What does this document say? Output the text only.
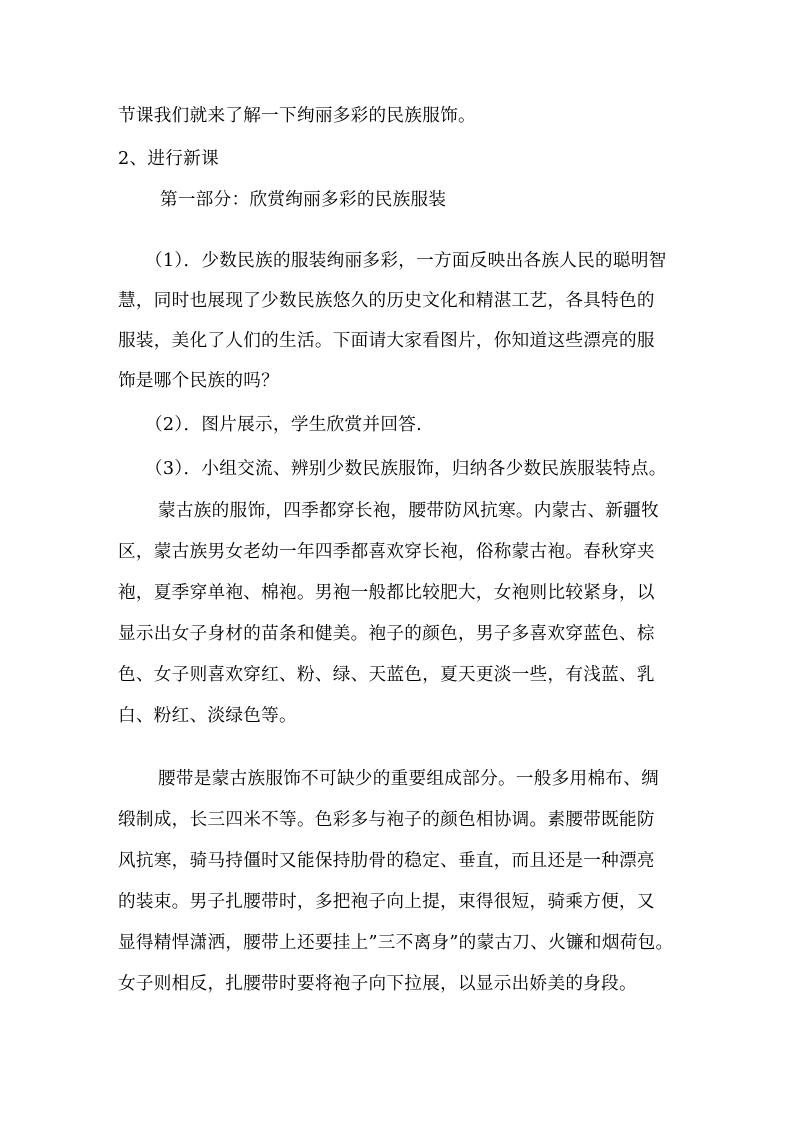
节课我们就来了解一下绚丽多彩的民族服饰。
2、进行新课
第一部分：欣赏绚丽多彩的民族服装
（1）．少数民族的服装绚丽多彩，一方面反映出各族人民的聪明智
慧，同时也展现了少数民族悠久的历史文化和精湛工艺，各具特色的
服装，美化了人们的生活。下面请大家看图片，你知道这些漂亮的服
饰是哪个民族的吗？
（2）．图片展示，学生欣赏并回答.
（3）．小组交流、辨别少数民族服饰，归纳各少数民族服装特点。
蒙古族的服饰，四季都穿长袍，腰带防风抗寒。内蒙古、新疆牧
区，蒙古族男女老幼一年四季都喜欢穿长袍，俗称蒙古袍。春秋穿夹
袍，夏季穿单袍、棉袍。男袍一般都比较肥大，女袍则比较紧身，以
显示出女子身材的苗条和健美。袍子的颜色，男子多喜欢穿蓝色、棕
色、女子则喜欢穿红、粉、绿、天蓝色，夏天更淡一些，有浅蓝、乳
白、粉红、淡绿色等。
腰带是蒙古族服饰不可缺少的重要组成部分。一般多用棉布、绸
缎制成，长三四米不等。色彩多与袍子的颜色相协调。素腰带既能防
风抗寒，骑马持僵时又能保持肋骨的稳定、垂直，而且还是一种漂亮
的装束。男子扎腰带时，多把袍子向上提，束得很短，骑乘方便，又
显得精悍潇洒，腰带上还要挂上”三不离身”的蒙古刀、火镰和烟荷包。
女子则相反，扎腰带时要将袍子向下拉展，以显示出娇美的身段。
